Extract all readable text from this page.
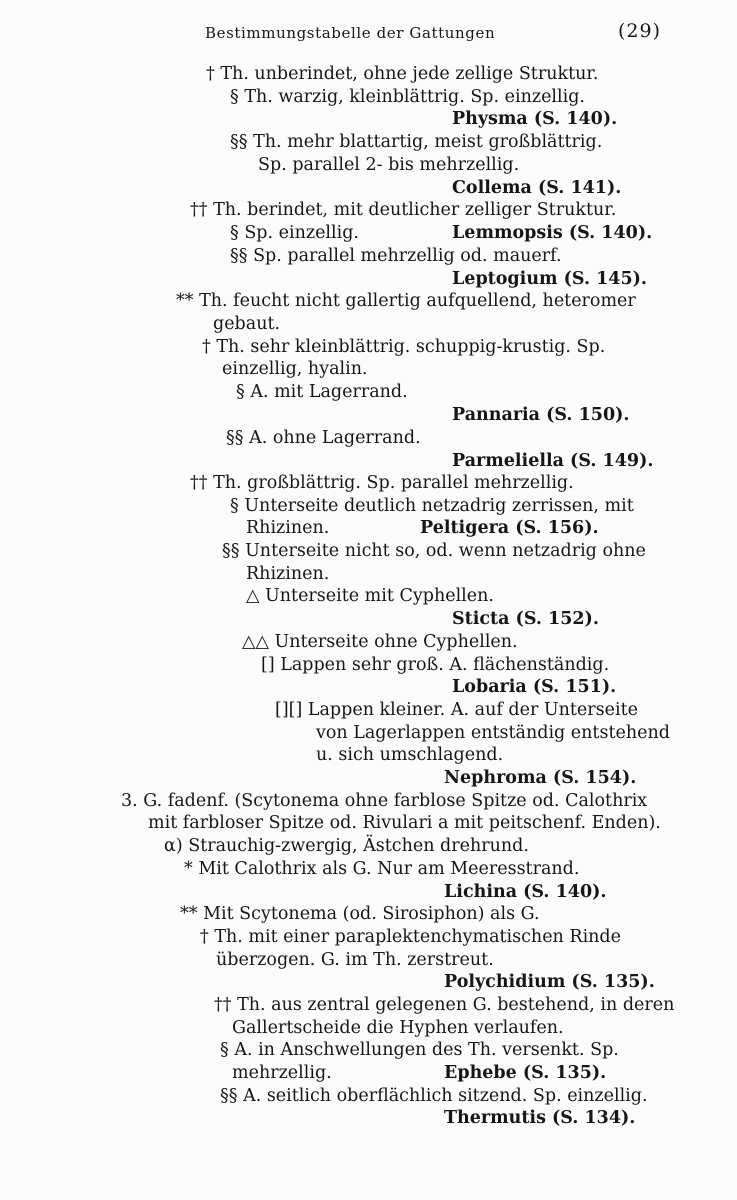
Bestimmungstabelle der Gattungen	(29)
† Th. unberindet, ohne jede zellige Struktur.
§ Th. warzig, kleinblättrig. Sp. einzellig.
Physma (S. 140).
§§ Th. mehr blattartig, meist großblättrig.
Sp. parallel 2- bis mehrzellig.
Collema (S. 141).
†† Th. berindet, mit deutlicher zelliger Struktur.
§ Sp. einzellig.	Lemmopsis (S. 140).
§§ Sp. parallel mehrzellig od. mauerf.
Leptogium (S. 145).
** Th. feucht nicht gallertig aufquellend, heteromer
gebaut.
† Th. sehr kleinblättrig. schuppig-krustig. Sp.
einzellig, hyalin.
§ A. mit Lagerrand.
Pannaria (S. 150).
§§ A. ohne Lagerrand.
Parmeliella (S. 149).
†† Th. großblättrig. Sp. parallel mehrzellig.
§ Unterseite deutlich netzadrig zerrissen, mit
Rhizinen.	Peltigera (S. 156).
§§ Unterseite nicht so, od. wenn netzadrig ohne
Rhizinen.
△ Unterseite mit Cyphellen.
Sticta (S. 152).
△△ Unterseite ohne Cyphellen.
[] Lappen sehr groß. A. flächenständig.
Lobaria (S. 151).
[][] Lappen kleiner. A. auf der Unterseite
von Lagerlappen entständig entstehend
u. sich umschlagend.
Nephroma (S. 154).
3. G. fadenf. (Scytonema ohne farblose Spitze od. Calothrix
mit farbloser Spitze od. Rivulari a mit peitschenf. Enden).
α) Strauchig-zwergig, Ästchen drehrund.
* Mit Calothrix als G. Nur am Meeresstrand.
Lichina (S. 140).
** Mit Scytonema (od. Sirosiphon) als G.
† Th. mit einer paraplektenchymatischen Rinde
überzogen. G. im Th. zerstreut.
Polychidium (S. 135).
†† Th. aus zentral gelegenen G. bestehend, in deren
Gallertscheide die Hyphen verlaufen.
§ A. in Anschwellungen des Th. versenkt. Sp.
mehrzellig.	Ephebe (S. 135).
§§ A. seitlich oberflächlich sitzend. Sp. einzellig.
Thermutis (S. 134).
